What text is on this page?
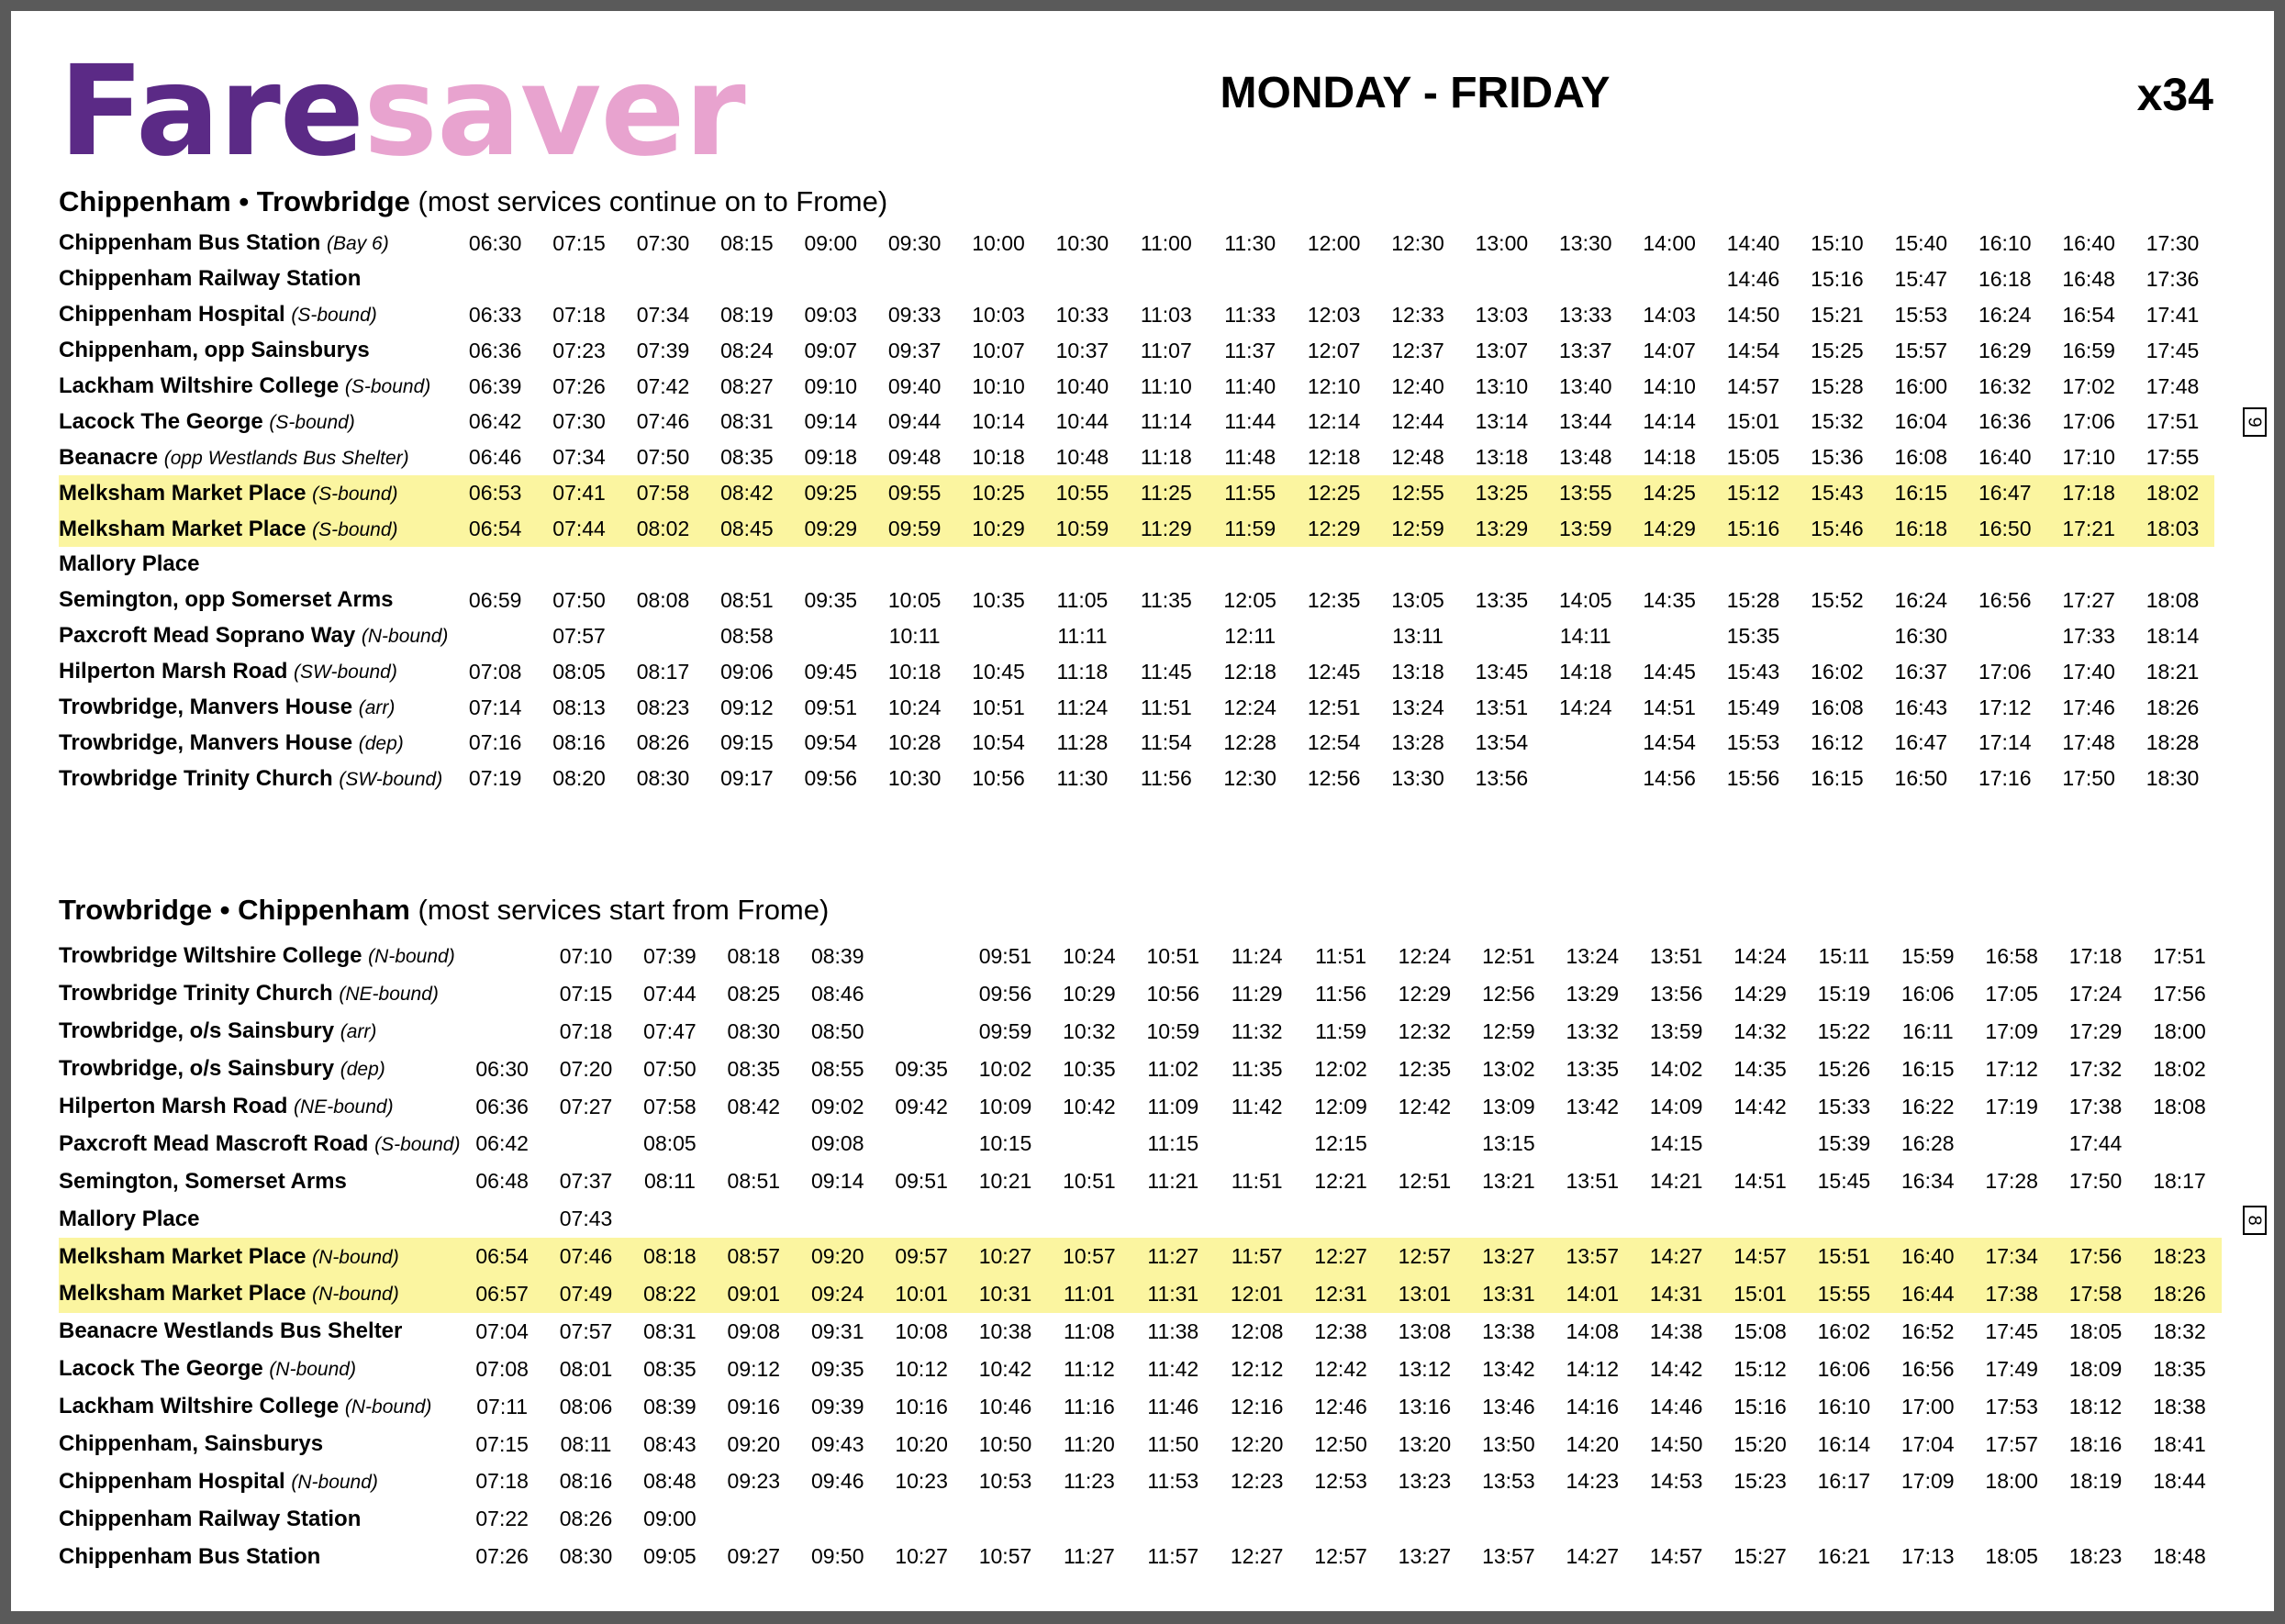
Faresaver	MONDAY - FRIDAY	x34
Chippenham • Trowbridge (most services continue on to Frome)
Chippenham Bus Station (Bay 6)	06:30	07:15	07:30	08:15	09:00	09:30	10:00	10:30	11:00	11:30	12:00	12:30	13:00	13:30	14:00	14:40	15:10	15:40	16:10	16:40	17:30
Chippenham Railway Station																14:46	15:16	15:47	16:18	16:48	17:36
Chippenham Hospital (S-bound)	06:33	07:18	07:34	08:19	09:03	09:33	10:03	10:33	11:03	11:33	12:03	12:33	13:03	13:33	14:03	14:50	15:21	15:53	16:24	16:54	17:41
Chippenham, opp Sainsburys	06:36	07:23	07:39	08:24	09:07	09:37	10:07	10:37	11:07	11:37	12:07	12:37	13:07	13:37	14:07	14:54	15:25	15:57	16:29	16:59	17:45
Lackham Wiltshire College (S-bound)	06:39	07:26	07:42	08:27	09:10	09:40	10:10	10:40	11:10	11:40	12:10	12:40	13:10	13:40	14:10	14:57	15:28	16:00	16:32	17:02	17:48
Lacock The George (S-bound)	06:42	07:30	07:46	08:31	09:14	09:44	10:14	10:44	11:14	11:44	12:14	12:44	13:14	13:44	14:14	15:01	15:32	16:04	16:36	17:06	17:51
Beanacre (opp Westlands Bus Shelter)	06:46	07:34	07:50	08:35	09:18	09:48	10:18	10:48	11:18	11:48	12:18	12:48	13:18	13:48	14:18	15:05	15:36	16:08	16:40	17:10	17:55
Melksham Market Place (S-bound)	06:53	07:41	07:58	08:42	09:25	09:55	10:25	10:55	11:25	11:55	12:25	12:55	13:25	13:55	14:25	15:12	15:43	16:15	16:47	17:18	18:02
Melksham Market Place (S-bound)	06:54	07:44	08:02	08:45	09:29	09:59	10:29	10:59	11:29	11:59	12:29	12:59	13:29	13:59	14:29	15:16	15:46	16:18	16:50	17:21	18:03
Mallory Place																					
Semington, opp Somerset Arms	06:59	07:50	08:08	08:51	09:35	10:05	10:35	11:05	11:35	12:05	12:35	13:05	13:35	14:05	14:35	15:28	15:52	16:24	16:56	17:27	18:08
Paxcroft Mead Soprano Way (N-bound)		07:57		08:58		10:11		11:11		12:11		13:11		14:11		15:35		16:30		17:33	18:14
Hilperton Marsh Road (SW-bound)	07:08	08:05	08:17	09:06	09:45	10:18	10:45	11:18	11:45	12:18	12:45	13:18	13:45	14:18	14:45	15:43	16:02	16:37	17:06	17:40	18:21
Trowbridge, Manvers House (arr)	07:14	08:13	08:23	09:12	09:51	10:24	10:51	11:24	11:51	12:24	12:51	13:24	13:51	14:24	14:51	15:49	16:08	16:43	17:12	17:46	18:26
Trowbridge, Manvers House (dep)	07:16	08:16	08:26	09:15	09:54	10:28	10:54	11:28	11:54	12:28	12:54	13:28	13:54		14:54	15:53	16:12	16:47	17:14	17:48	18:28
Trowbridge Trinity Church (SW-bound)	07:19	08:20	08:30	09:17	09:56	10:30	10:56	11:30	11:56	12:30	12:56	13:30	13:56		14:56	15:56	16:15	16:50	17:16	17:50	18:30
Trowbridge • Chippenham (most services start from Frome)
Trowbridge Wiltshire College (N-bound)		07:10	07:39	08:18	08:39		09:51	10:24	10:51	11:24	11:51	12:24	12:51	13:24	13:51	14:24	15:11	15:59	16:58	17:18	17:51
Trowbridge Trinity Church (NE-bound)		07:15	07:44	08:25	08:46		09:56	10:29	10:56	11:29	11:56	12:29	12:56	13:29	13:56	14:29	15:19	16:06	17:05	17:24	17:56
Trowbridge, o/s Sainsbury (arr)		07:18	07:47	08:30	08:50		09:59	10:32	10:59	11:32	11:59	12:32	12:59	13:32	13:59	14:32	15:22	16:11	17:09	17:29	18:00
Trowbridge, o/s Sainsbury (dep)	06:30	07:20	07:50	08:35	08:55	09:35	10:02	10:35	11:02	11:35	12:02	12:35	13:02	13:35	14:02	14:35	15:26	16:15	17:12	17:32	18:02
Hilperton Marsh Road (NE-bound)	06:36	07:27	07:58	08:42	09:02	09:42	10:09	10:42	11:09	11:42	12:09	12:42	13:09	13:42	14:09	14:42	15:33	16:22	17:19	17:38	18:08
Paxcroft Mead Mascroft Road (S-bound)	06:42		08:05		09:08		10:15		11:15		12:15		13:15		14:15		15:39	16:28		17:44	
Semington, Somerset Arms	06:48	07:37	08:11	08:51	09:14	09:51	10:21	10:51	11:21	11:51	12:21	12:51	13:21	13:51	14:21	14:51	15:45	16:34	17:28	17:50	18:17
Mallory Place		07:43																			
Melksham Market Place (N-bound)	06:54	07:46	08:18	08:57	09:20	09:57	10:27	10:57	11:27	11:57	12:27	12:57	13:27	13:57	14:27	14:57	15:51	16:40	17:34	17:56	18:23
Melksham Market Place (N-bound)	06:57	07:49	08:22	09:01	09:24	10:01	10:31	11:01	11:31	12:01	12:31	13:01	13:31	14:01	14:31	15:01	15:55	16:44	17:38	17:58	18:26
Beanacre Westlands Bus Shelter	07:04	07:57	08:31	09:08	09:31	10:08	10:38	11:08	11:38	12:08	12:38	13:08	13:38	14:08	14:38	15:08	16:02	16:52	17:45	18:05	18:32
Lacock The George (N-bound)	07:08	08:01	08:35	09:12	09:35	10:12	10:42	11:12	11:42	12:12	12:42	13:12	13:42	14:12	14:42	15:12	16:06	16:56	17:49	18:09	18:35
Lackham Wiltshire College (N-bound)	07:11	08:06	08:39	09:16	09:39	10:16	10:46	11:16	11:46	12:16	12:46	13:16	13:46	14:16	14:46	15:16	16:10	17:00	17:53	18:12	18:38
Chippenham, Sainsburys	07:15	08:11	08:43	09:20	09:43	10:20	10:50	11:20	11:50	12:20	12:50	13:20	13:50	14:20	14:50	15:20	16:14	17:04	17:57	18:16	18:41
Chippenham Hospital (N-bound)	07:18	08:16	08:48	09:23	09:46	10:23	10:53	11:23	11:53	12:23	12:53	13:23	13:53	14:23	14:53	15:23	16:17	17:09	18:00	18:19	18:44
Chippenham Railway Station	07:22	08:26	09:00																		
Chippenham Bus Station	07:26	08:30	09:05	09:27	09:50	10:27	10:57	11:27	11:57	12:27	12:57	13:27	13:57	14:27	14:57	15:27	16:21	17:13	18:05	18:23	18:48
9
8
